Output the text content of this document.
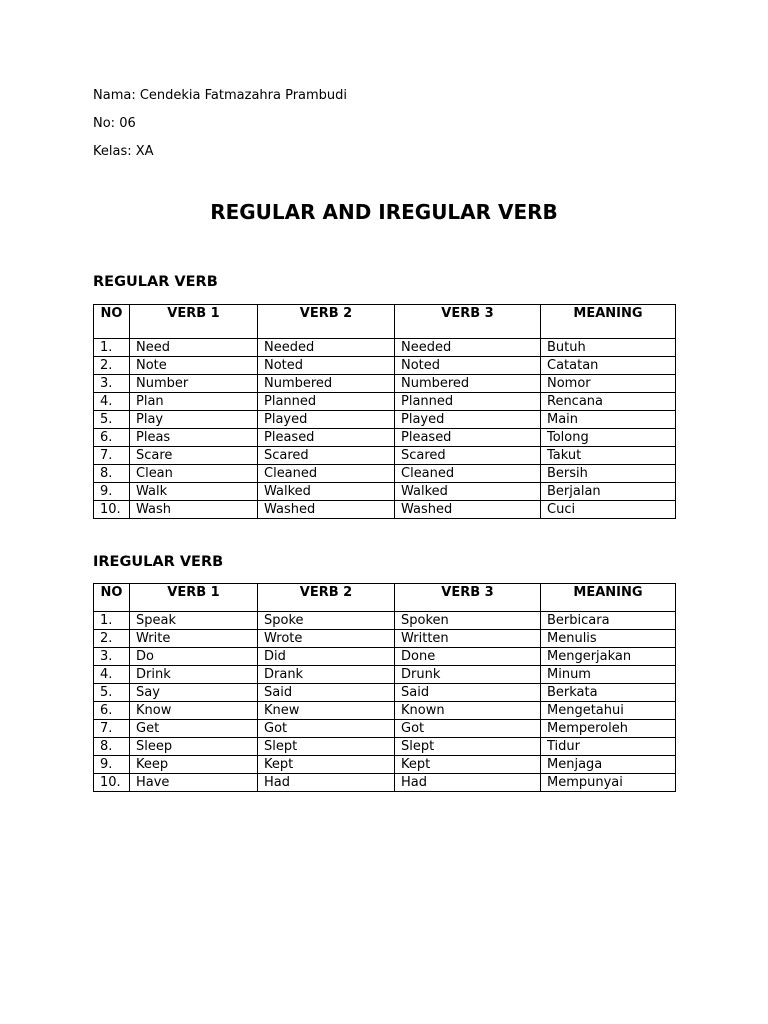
Nama: Cendekia Fatmazahra Prambudi

No: 06

Kelas: XA

REGULAR AND IREGULAR VERB
REGULAR VERB
NO	VERB 1	VERB 2	VERB 3	MEANING
1.	Need	Needed	Needed	Butuh
2.	Note	Noted	Noted	Catatan
3.	Number	Numbered	Numbered	Nomor
4.	Plan	Planned	Planned	Rencana
5.	Play	Played	Played	Main
6.	Pleas	Pleased	Pleased	Tolong
7.	Scare	Scared	Scared	Takut
8.	Clean	Cleaned	Cleaned	Bersih
9.	Walk	Walked	Walked	Berjalan
10.	Wash	Washed	Washed	Cuci
IREGULAR VERB
NO	VERB 1	VERB 2	VERB 3	MEANING
1.	Speak	Spoke	Spoken	Berbicara
2.	Write	Wrote	Written	Menulis
3.	Do	Did	Done	Mengerjakan
4.	Drink	Drank	Drunk	Minum
5.	Say	Said	Said	Berkata
6.	Know	Knew	Known	Mengetahui
7.	Get	Got	Got	Memperoleh
8.	Sleep	Slept	Slept	Tidur
9.	Keep	Kept	Kept	Menjaga
10.	Have	Had	Had	Mempunyai
